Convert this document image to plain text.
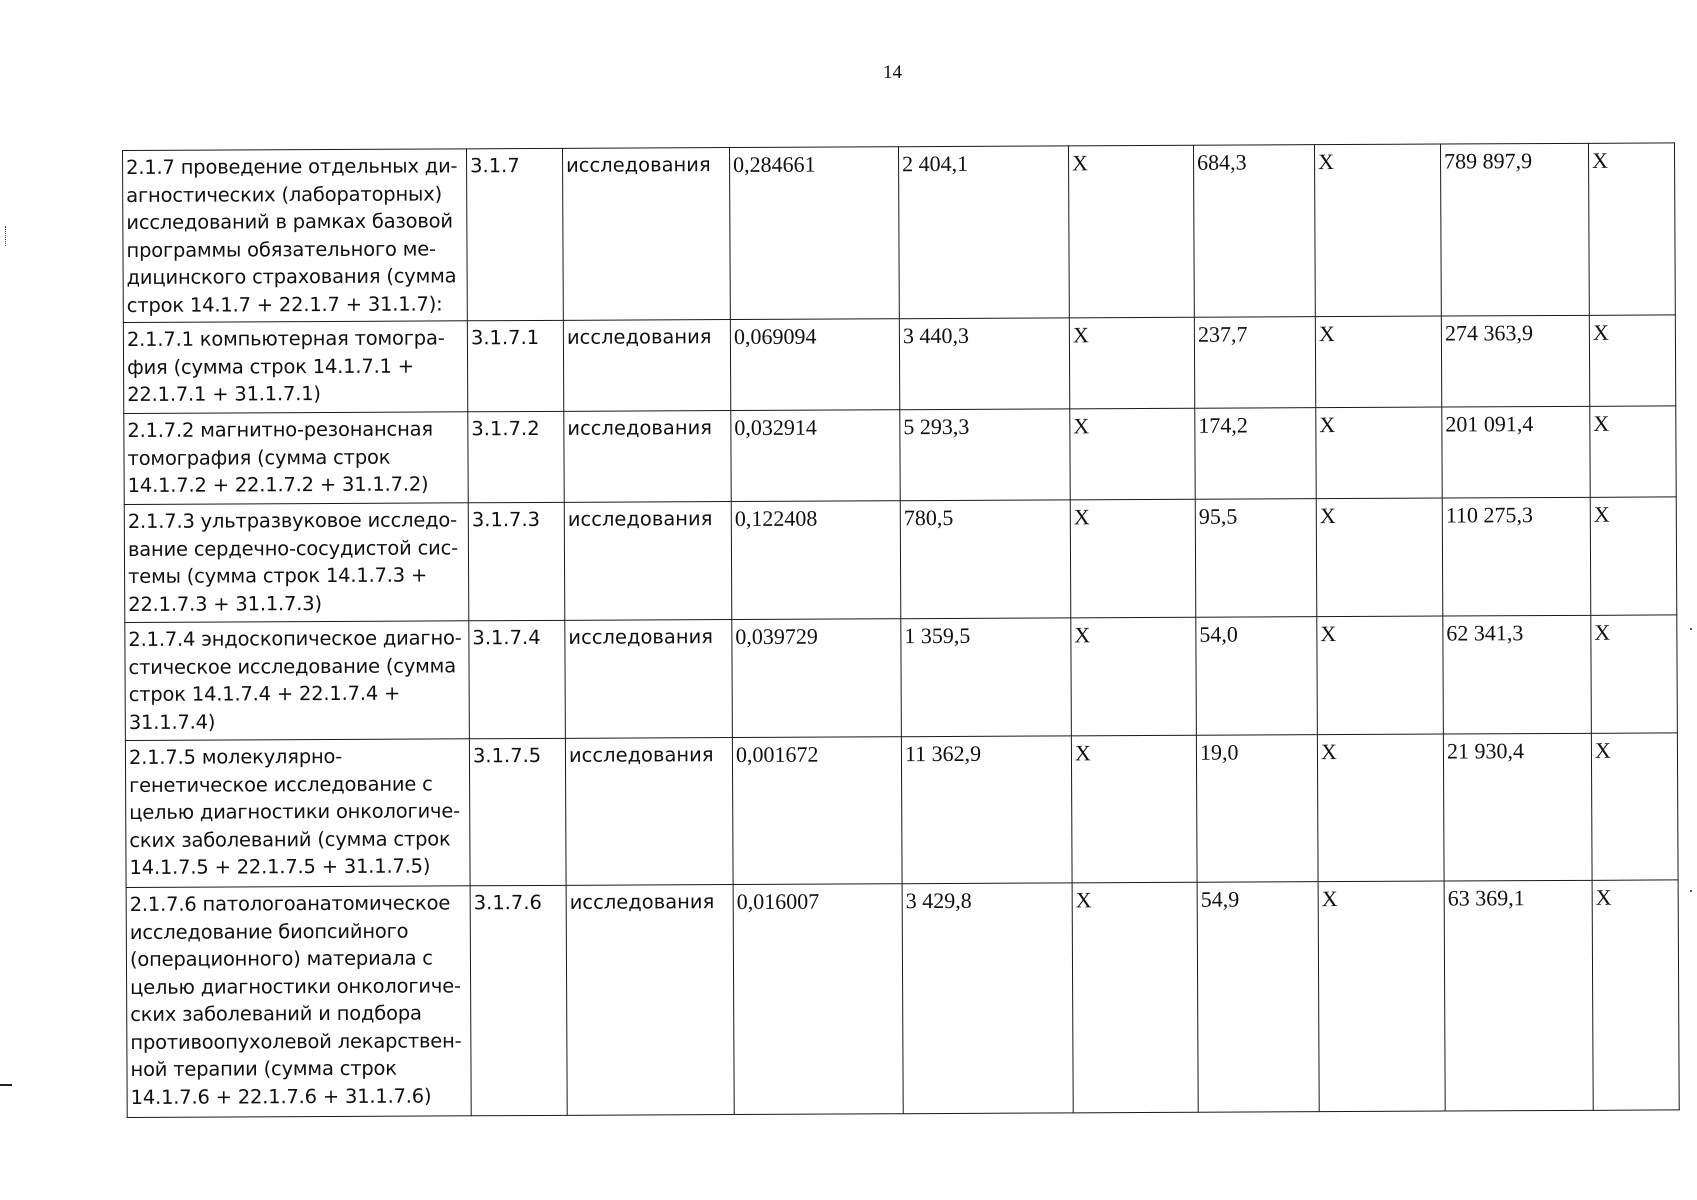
14
2.1.7 проведение отдельных ди-агностических (лабораторных) исследований в рамках базовой программы обязательного ме-дицинского страхования (сумма строк 14.1.7 + 22.1.7 + 31.1.7):	3.1.7	исследования	0,284661	2 404,1	Х	684,3	Х	789 897,9	Х
2.1.7.1 компьютерная томогра-фия (сумма строк 14.1.7.1 + 22.1.7.1 + 31.1.7.1)	3.1.7.1	исследования	0,069094	3 440,3	Х	237,7	Х	274 363,9	Х
2.1.7.2 магнитно-резонансная томография (сумма строк 14.1.7.2 + 22.1.7.2 + 31.1.7.2)	3.1.7.2	исследования	0,032914	5 293,3	Х	174,2	Х	201 091,4	Х
2.1.7.3 ультразвуковое исследо-вание сердечно-сосудистой сис-темы (сумма строк 14.1.7.3 + 22.1.7.3 + 31.1.7.3)	3.1.7.3	исследования	0,122408	780,5	Х	95,5	Х	110 275,3	Х
2.1.7.4 эндоскопическое диагно-стическое исследование (сумма строк 14.1.7.4 + 22.1.7.4 + 31.1.7.4)	3.1.7.4	исследования	0,039729	1 359,5	Х	54,0	Х	62 341,3	Х
2.1.7.5 молекулярно-генетическое исследование с целью диагностики онкологиче-ских заболеваний (сумма строк 14.1.7.5 + 22.1.7.5 + 31.1.7.5)	3.1.7.5	исследования	0,001672	11 362,9	Х	19,0	Х	21 930,4	Х
2.1.7.6 патологоанатомическое исследование биопсийного (операционного) материала с целью диагностики онкологиче-ских заболеваний и подбора противоопухолевой лекарствен-ной терапии (сумма строк 14.1.7.6 + 22.1.7.6 + 31.1.7.6)	3.1.7.6	исследования	0,016007	3 429,8	Х	54,9	Х	63 369,1	Х
